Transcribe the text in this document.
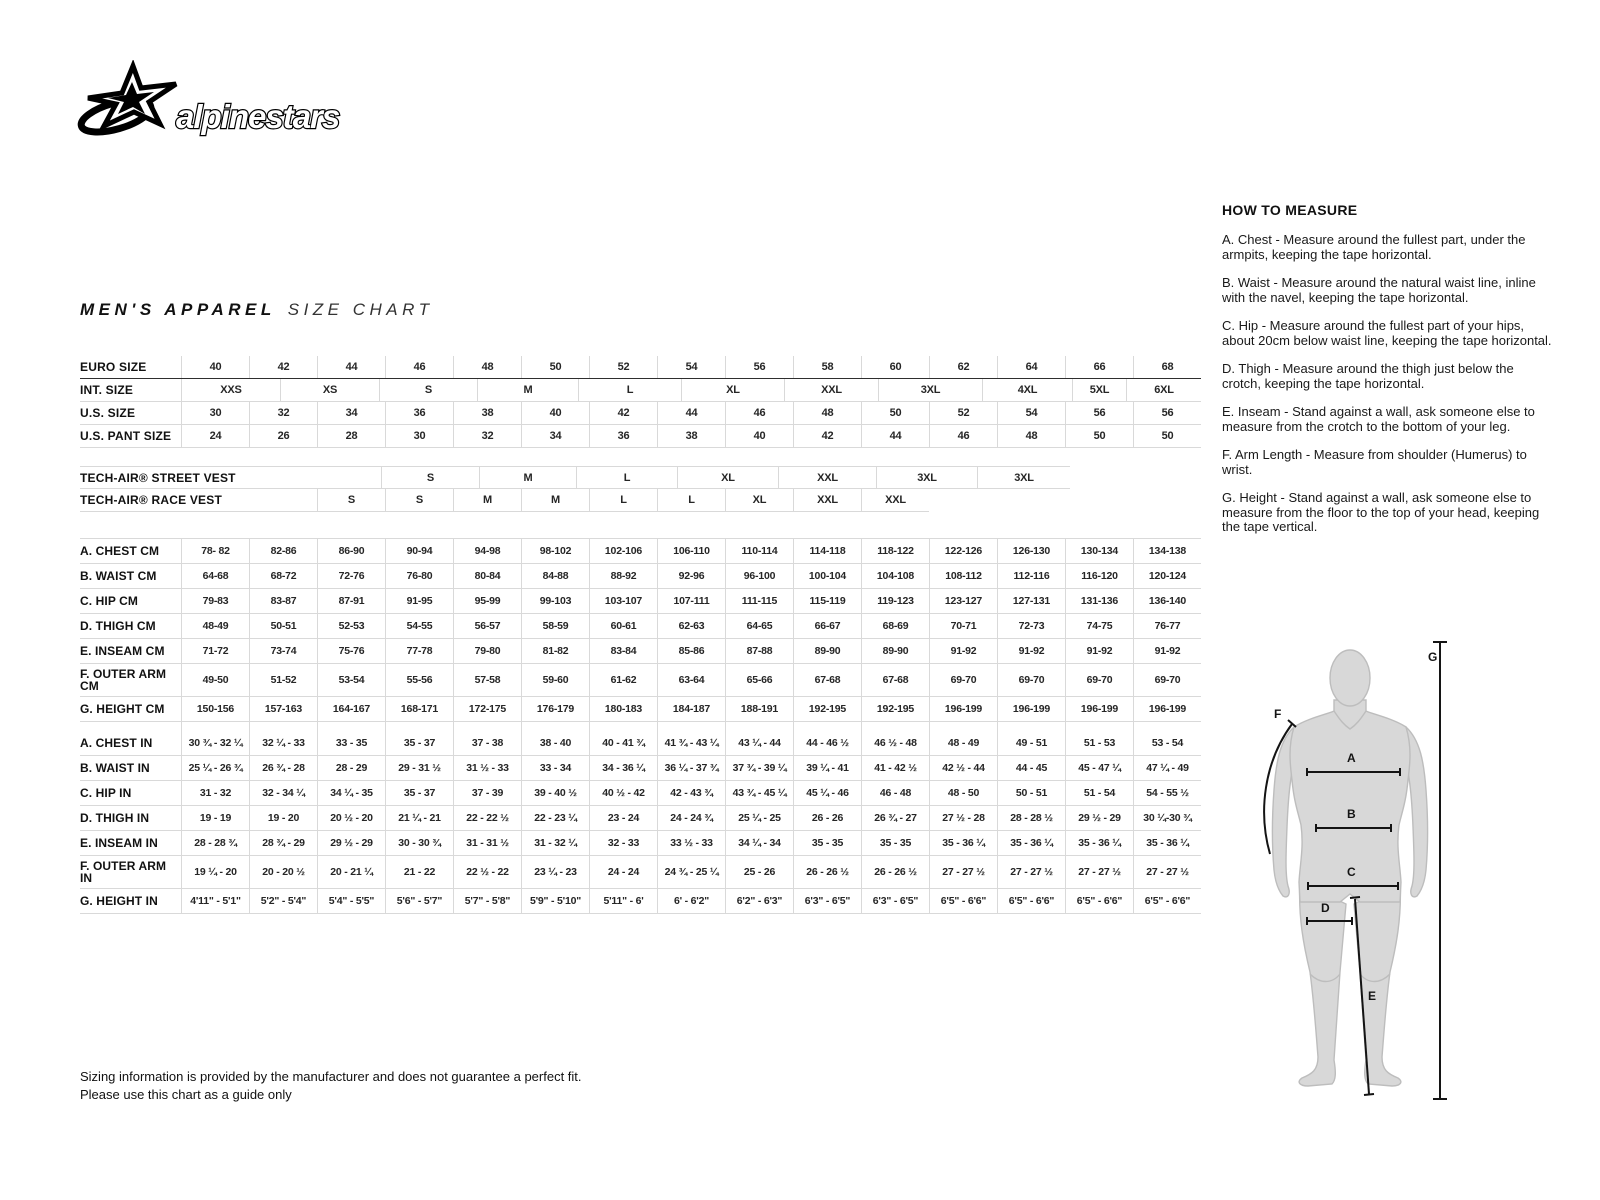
alpinestars
MEN'S APPAREL SIZE CHART
EURO SIZE	40	42	44	46	48	50	52	54	56	58	60	62	64	66	68
INT. SIZE	XXS	XS	S	M	L	XL	XXL	3XL	4XL	5XL	6XL
U.S. SIZE	30	32	34	36	38	40	42	44	46	48	50	52	54	56	56
U.S. PANT SIZE	24	26	28	30	32	34	36	38	40	42	44	46	48	50	50
TECH-AIR® STREET VEST	S	M	L	XL	XXL	3XL	3XL
TECH-AIR® RACE VEST	S	S	M	M	L	L	XL	XXL	XXL
A. CHEST CM	78- 82	82-86	86-90	90-94	94-98	98-102	102-106	106-110	110-114	114-118	118-122	122-126	126-130	130-134	134-138
B. WAIST CM	64-68	68-72	72-76	76-80	80-84	84-88	88-92	92-96	96-100	100-104	104-108	108-112	112-116	116-120	120-124
C. HIP CM	79-83	83-87	87-91	91-95	95-99	99-103	103-107	107-111	111-115	115-119	119-123	123-127	127-131	131-136	136-140
D. THIGH CM	48-49	50-51	52-53	54-55	56-57	58-59	60-61	62-63	64-65	66-67	68-69	70-71	72-73	74-75	76-77
E. INSEAM CM	71-72	73-74	75-76	77-78	79-80	81-82	83-84	85-86	87-88	89-90	89-90	91-92	91-92	91-92	91-92
F. OUTER ARM CM	49-50	51-52	53-54	55-56	57-58	59-60	61-62	63-64	65-66	67-68	67-68	69-70	69-70	69-70	69-70
G. HEIGHT CM	150-156	157-163	164-167	168-171	172-175	176-179	180-183	184-187	188-191	192-195	192-195	196-199	196-199	196-199	196-199
A. CHEST IN	30 ¾ - 32 ¼	32 ¼ - 33	33 - 35	35 - 37	37 - 38	38 - 40	40 - 41 ¾	41 ¾ - 43 ¼	43 ¼ - 44	44 - 46 ½	46 ½ - 48	48 - 49	49 - 51	51 - 53	53 - 54
B. WAIST IN	25 ¼ - 26 ¾	26 ¾ - 28	28 - 29	29 - 31 ½	31 ½ - 33	33 - 34	34 - 36 ¼	36 ¼ - 37 ¾	37 ¾ - 39 ¼	39 ¼ - 41	41 - 42 ½	42 ½ - 44	44 - 45	45 - 47 ¼	47 ¼ - 49
C. HIP IN	31 - 32	32 - 34 ¼	34 ¼ - 35	35 - 37	37 - 39	39 - 40 ½	40 ½ - 42	42 - 43 ¾	43 ¾ - 45 ¼	45 ¼ - 46	46 - 48	48 - 50	50 - 51	51 - 54	54 - 55 ½
D. THIGH IN	19 - 19	19 - 20	20 ½ - 20	21 ¼ - 21	22 - 22 ½	22 - 23 ¼	23 - 24	24 - 24 ¾	25 ¼ - 25	26 - 26	26 ¾ - 27	27 ½ - 28	28 - 28 ½	29 ½ - 29	30 ¼-30 ¾
E. INSEAM IN	28 - 28 ¾	28 ¾ - 29	29 ½ - 29	30 - 30 ¾	31 - 31 ½	31 - 32 ¼	32 - 33	33 ½ - 33	34 ¼ - 34	35 - 35	35 - 35	35 - 36 ¼	35 - 36 ¼	35 - 36 ¼	35 - 36 ¼
F. OUTER ARM IN	19 ¼ - 20	20 - 20 ½	20 - 21 ¼	21 - 22	22 ½ - 22	23 ¼ - 23	24 - 24	24 ¾ - 25 ¼	25 - 26	26 - 26 ½	26 - 26 ½	27 - 27 ½	27 - 27 ½	27 - 27 ½	27 - 27 ½
G. HEIGHT IN	4'11" - 5'1"	5'2" - 5'4"	5'4" - 5'5"	5'6" - 5'7"	5'7" - 5'8"	5'9" - 5'10"	5'11" - 6'	6' - 6'2"	6'2" - 6'3"	6'3" - 6'5"	6'3" - 6'5"	6'5" - 6'6"	6'5" - 6'6"	6'5" - 6'6"	6'5" - 6'6"
HOW TO MEASURE

A. Chest - Measure around the fullest part, under the armpits, keeping the tape horizontal.

B. Waist - Measure around the natural waist line, inline with the navel, keeping the tape horizontal.

C. Hip - Measure around the fullest part of your hips, about 20cm below waist line, keeping the tape horizontal.

D. Thigh - Measure around the thigh just below the crotch, keeping the tape horizontal.

E. Inseam - Stand against a wall, ask someone else to measure from the crotch to the bottom of your leg.

F. Arm Length - Measure from shoulder (Humerus) to wrist.

G. Height - Stand against a wall, ask someone else to measure from the floor to the top of your head, keeping the tape vertical.

A
B
C
D
E
F
G
Sizing information is provided by the manufacturer and does not guarantee a perfect fit.
Please use this chart as a guide only
